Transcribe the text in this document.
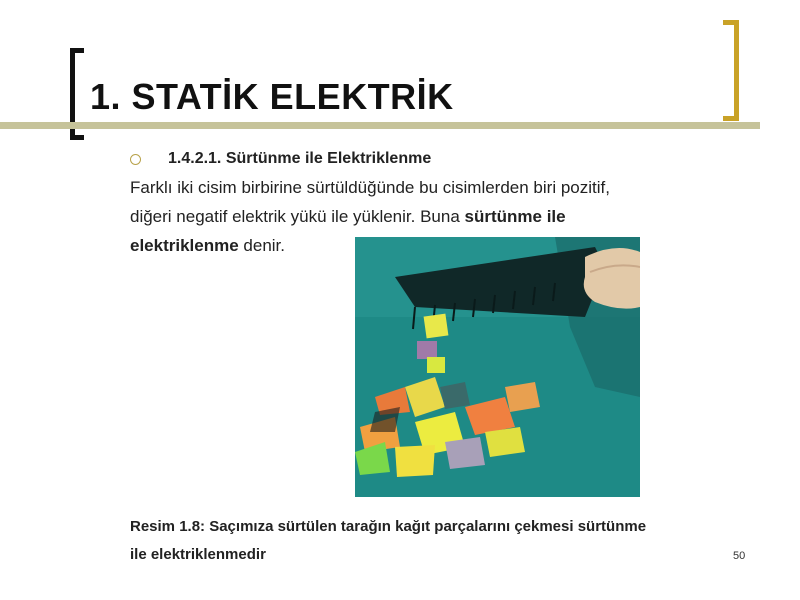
1. STATİK ELEKTRİK
1.4.2.1. Sürtünme ile Elektriklenme
Farklı iki cisim birbirine sürtüldüğünde bu cisimlerden biri pozitif,
diğeri negatif elektrik yükü ile yüklenir. Buna sürtünme ile
elektriklenme denir.
Resim 1.8: Saçımıza sürtülen tarağın kağıt parçalarını çekmesi sürtünme
ile elektriklenmedir	50
